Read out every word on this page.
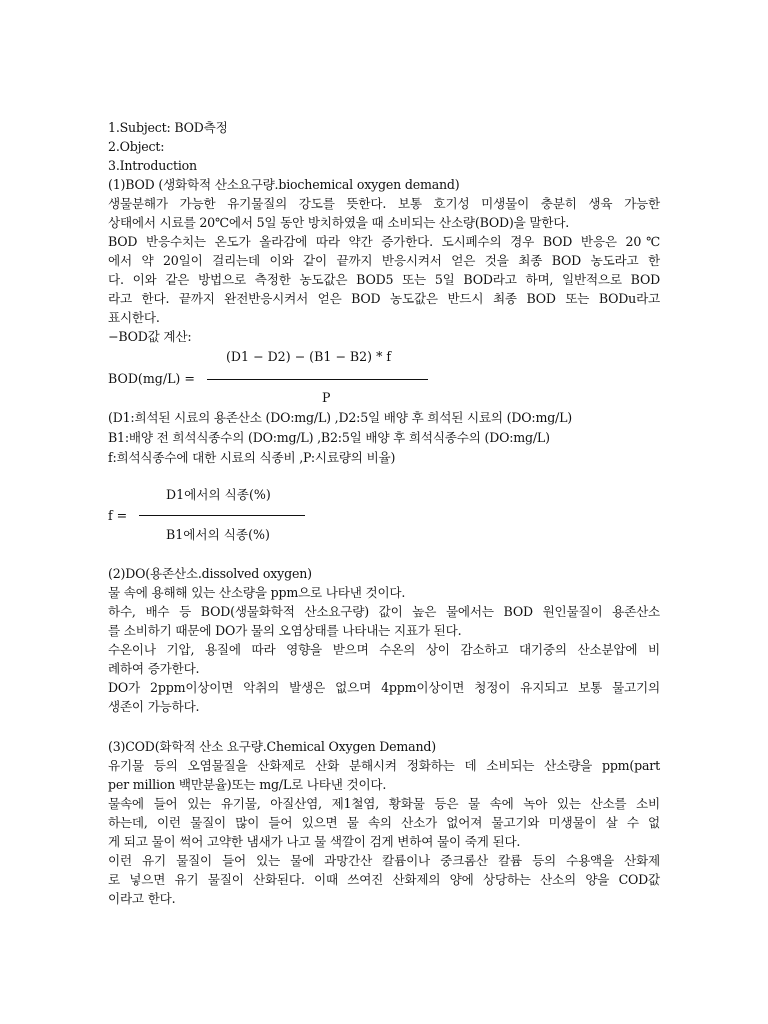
1.Subject: BOD측정
2.Object:
3.Introduction
(1)BOD (생화학적 산소요구량.biochemical oxygen demand)
생물분해가 가능한 유기물질의 강도를 뜻한다. 보통 호기성 미생물이 충분히 생육 가능한
상태에서 시료를 20℃에서 5일 동안 방치하였을 때 소비되는 산소량(BOD)을 말한다.
BOD 반응수치는 온도가 올라감에 따라 약간 증가한다. 도시폐수의 경우 BOD 반응은 20℃
에서 약 20일이 걸리는데 이와 같이 끝까지 반응시켜서 얻은 것을 최종 BOD 농도라고 한
다. 이와 같은 방법으로 측정한 농도값은 BOD5 또는 5일 BOD라고 하며, 일반적으로 BOD
라고 한다. 끝까지 완전반응시켜서 얻은 BOD 농도값은 반드시 최종 BOD 또는 BODu라고
표시한다.
−BOD값 계산:
(D1 − D2) − (B1 − B2) * f
BOD(mg/L) =
P
(D1:희석된 시료의 용존산소 (DO:mg/L) ,D2:5일 배양 후 희석된 시료의 (DO:mg/L)
B1:배양 전 희석식종수의 (DO:mg/L) ,B2:5일 배양 후 희석식종수의 (DO:mg/L)
f:희석식종수에 대한 시료의 식종비 ,P:시료량의 비율)
D1에서의 식종(%)
f =
B1에서의 식종(%)
(2)DO(용존산소.dissolved oxygen)
물 속에 용해해 있는 산소량을 ppm으로 나타낸 것이다.
하수, 배수 등 BOD(생물화학적 산소요구량) 값이 높은 물에서는 BOD 원인물질이 용존산소
를 소비하기 때문에 DO가 물의 오염상태를 나타내는 지표가 된다.
수온이나 기압, 용질에 따라 영향을 받으며 수온의 상이 감소하고 대기중의 산소분압에 비
례하여 증가한다.
DO가 2ppm이상이면 악취의 발생은 없으며 4ppm이상이면 청정이 유지되고 보통 물고기의
생존이 가능하다.
(3)COD(화학적 산소 요구량.Chemical Oxygen Demand)
유기물 등의 오염물질을 산화제로 산화 분해시켜 정화하는 데 소비되는 산소량을 ppm(part
per million 백만분율)또는 mg/L로 나타낸 것이다.
물속에 들어 있는 유기물, 아질산염, 제1철염, 황화물 등은 물 속에 녹아 있는 산소를 소비
하는데, 이런 물질이 많이 들어 있으면 물 속의 산소가 없어져 물고기와 미생물이 살 수 없
게 되고 물이 썩어 고약한 냄새가 나고 물 색깔이 검게 변하여 물이 죽게 된다.
이런 유기 물질이 들어 있는 물에 과망간산 칼륨이나 중크롬산 칼륨 등의 수용액을 산화제
로 넣으면 유기 물질이 산화된다. 이때 쓰여진 산화제의 양에 상당하는 산소의 양을 COD값
이라고 한다.
